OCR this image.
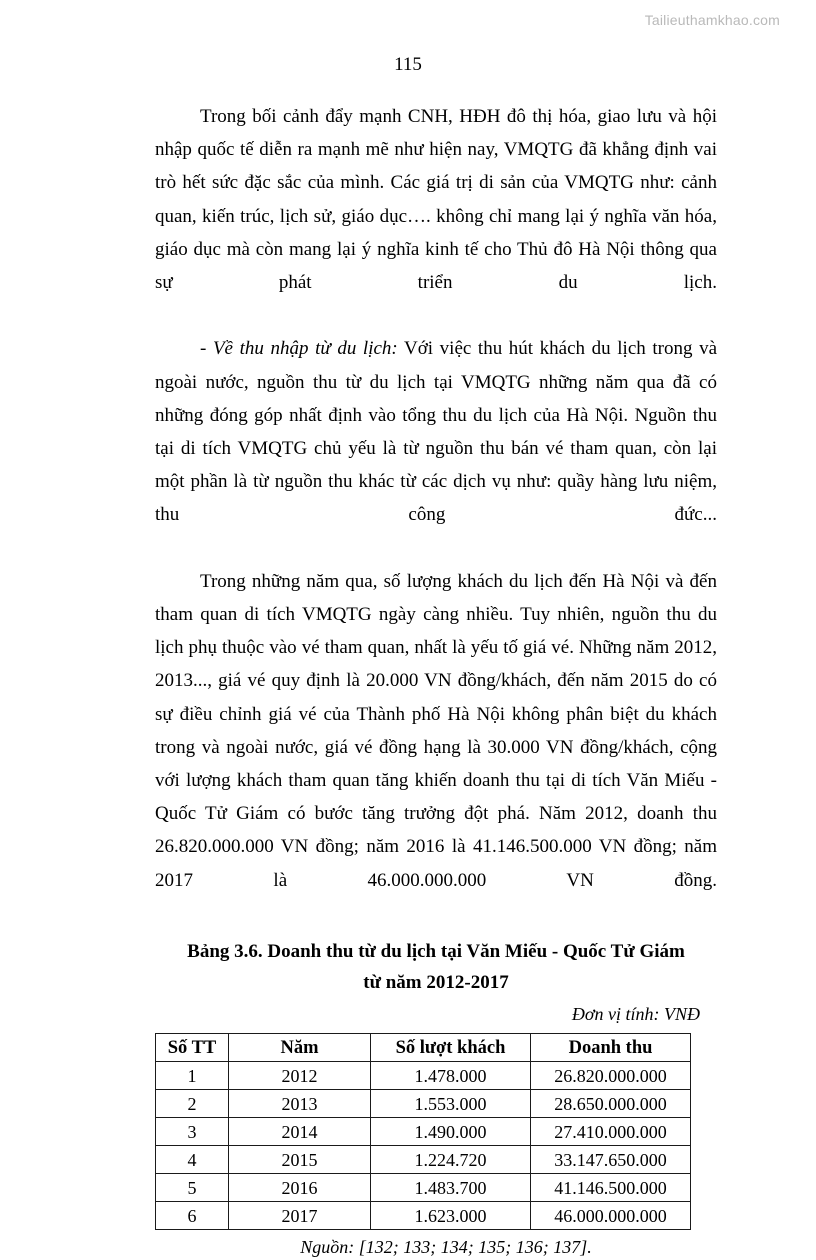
Tailieuthamkhao.com
115

Trong bối cảnh đẩy mạnh CNH, HĐH đô thị hóa, giao lưu và hội nhập quốc tế diễn ra mạnh mẽ như hiện nay, VMQTG đã khẳng định vai trò hết sức đặc sắc của mình. Các giá trị di sản của VMQTG như: cảnh quan, kiến trúc, lịch sử, giáo dục…. không chỉ mang lại ý nghĩa văn hóa, giáo dục mà còn mang lại ý nghĩa kinh tế cho Thủ đô Hà Nội thông qua sự phát triển du lịch.

- Về thu nhập từ du lịch: Với việc thu hút khách du lịch trong và ngoài nước, nguồn thu từ du lịch tại VMQTG những năm qua đã có những đóng góp nhất định vào tổng thu du lịch của Hà Nội. Nguồn thu tại di tích VMQTG chủ yếu là từ nguồn thu bán vé tham quan, còn lại một phần là từ nguồn thu khác từ các dịch vụ như: quầy hàng lưu niệm, thu công đức...

Trong những năm qua, số lượng khách du lịch đến Hà Nội và đến tham quan di tích VMQTG ngày càng nhiều. Tuy nhiên, nguồn thu du lịch phụ thuộc vào vé tham quan, nhất là yếu tố giá vé. Những năm 2012, 2013..., giá vé quy định là 20.000 VN đồng/khách, đến năm 2015 do có sự điều chỉnh giá vé của Thành phố Hà Nội không phân biệt du khách trong và ngoài nước, giá vé đồng hạng là 30.000 VN đồng/khách, cộng với lượng khách tham quan tăng khiến doanh thu tại di tích Văn Miếu - Quốc Tử Giám có bước tăng trưởng đột phá. Năm 2012, doanh thu 26.820.000.000 VN đồng; năm 2016 là 41.146.500.000 VN đồng; năm 2017 là 46.000.000.000 VN đồng.

Bảng 3.6. Doanh thu từ du lịch tại Văn Miếu - Quốc Tử Giám
từ năm 2012-2017
Đơn vị tính: VNĐ
Số TT	Năm	Số lượt khách	Doanh thu
1	2012	1.478.000	26.820.000.000
2	2013	1.553.000	28.650.000.000
3	2014	1.490.000	27.410.000.000
4	2015	1.224.720	33.147.650.000
5	2016	1.483.700	41.146.500.000
6	2017	1.623.000	46.000.000.000
Nguồn: [132; 133; 134; 135; 136; 137].
